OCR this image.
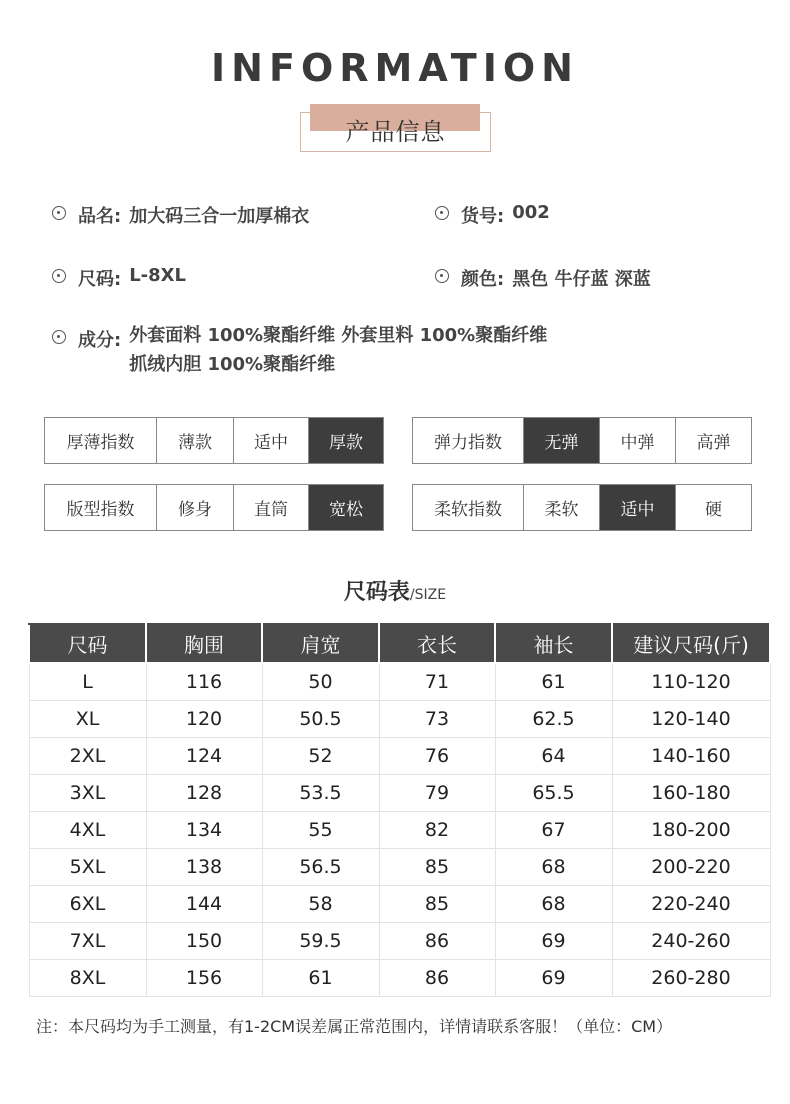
INFORMATION
产品信息
品名: 加大码三合一加厚棉衣	货号: 002
尺码: L-8XL	颜色: 黑色 牛仔蓝 深蓝
成分: 外套面料 100%聚酯纤维 外套里料 100%聚酯纤维
抓绒内胆 100%聚酯纤维
厚薄指数	薄款	适中	厚款	弹力指数	无弹	中弹	高弹
版型指数	修身	直筒	宽松	柔软指数	柔软	适中	硬
尺码表/SIZE
尺码	胸围	肩宽	衣长	袖长	建议尺码(斤)
L	116	50	71	61	110-120
XL	120	50.5	73	62.5	120-140
2XL	124	52	76	64	140-160
3XL	128	53.5	79	65.5	160-180
4XL	134	55	82	67	180-200
5XL	138	56.5	85	68	200-220
6XL	144	58	85	68	220-240
7XL	150	59.5	86	69	240-260
8XL	156	61	86	69	260-280
注：本尺码均为手工测量，有1-2CM误差属正常范围内，详情请联系客服！（单位：CM）
